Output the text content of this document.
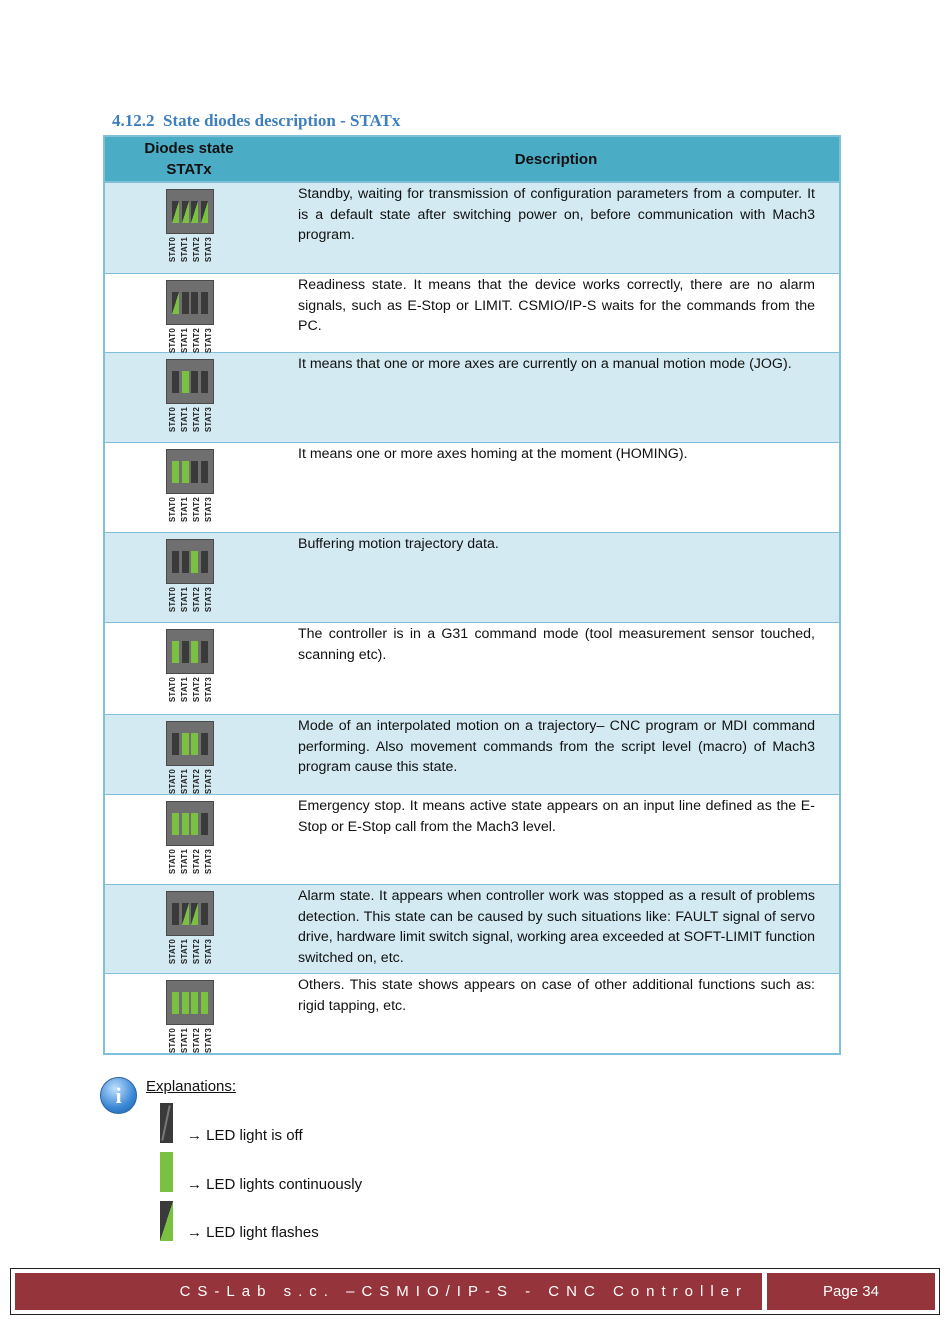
4.12.2 State diodes description - STATx
Diodes state
STATx
Description
STAT0 STAT1 STAT2 STAT3
Standby, waiting for transmission of configuration parameters from a computer. It is a default state after switching power on, before communication with Mach3 program.
STAT0 STAT1 STAT2 STAT3
Readiness state. It means that the device works correctly, there are no alarm signals, such as E-Stop or LIMIT. CSMIO/IP-S waits for the commands from the PC.
STAT0 STAT1 STAT2 STAT3
It means that one or more axes are currently on a manual motion mode (JOG).
STAT0 STAT1 STAT2 STAT3
It means one or more axes homing at the moment (HOMING).
STAT0 STAT1 STAT2 STAT3
Buffering motion trajectory data.
STAT0 STAT1 STAT2 STAT3
The controller is in a G31 command mode (tool measurement sensor touched, scanning etc).
STAT0 STAT1 STAT2 STAT3
Mode of an interpolated motion on a trajectory– CNC program or MDI command performing. Also movement commands from the script level (macro) of Mach3 program cause this state.
STAT0 STAT1 STAT2 STAT3
Emergency stop. It means active state appears on an input line defined as the E-Stop or E-Stop call from the Mach3 level.
STAT0 STAT1 STAT2 STAT3
Alarm state. It appears when controller work was stopped as a result of problems detection. This state can be caused by such situations like: FAULT signal of servo drive, hardware limit switch signal, working area exceeded at SOFT-LIMIT function switched on, etc.
STAT0 STAT1 STAT2 STAT3
Others. This state shows appears on case of other additional functions such as: rigid tapping, etc.
i	Explanations:
→ LED light is off
→ LED lights continuously
→ LED light flashes
CS-Lab s.c. –CSMIO/IP-S - CNC Controller	Page 34
